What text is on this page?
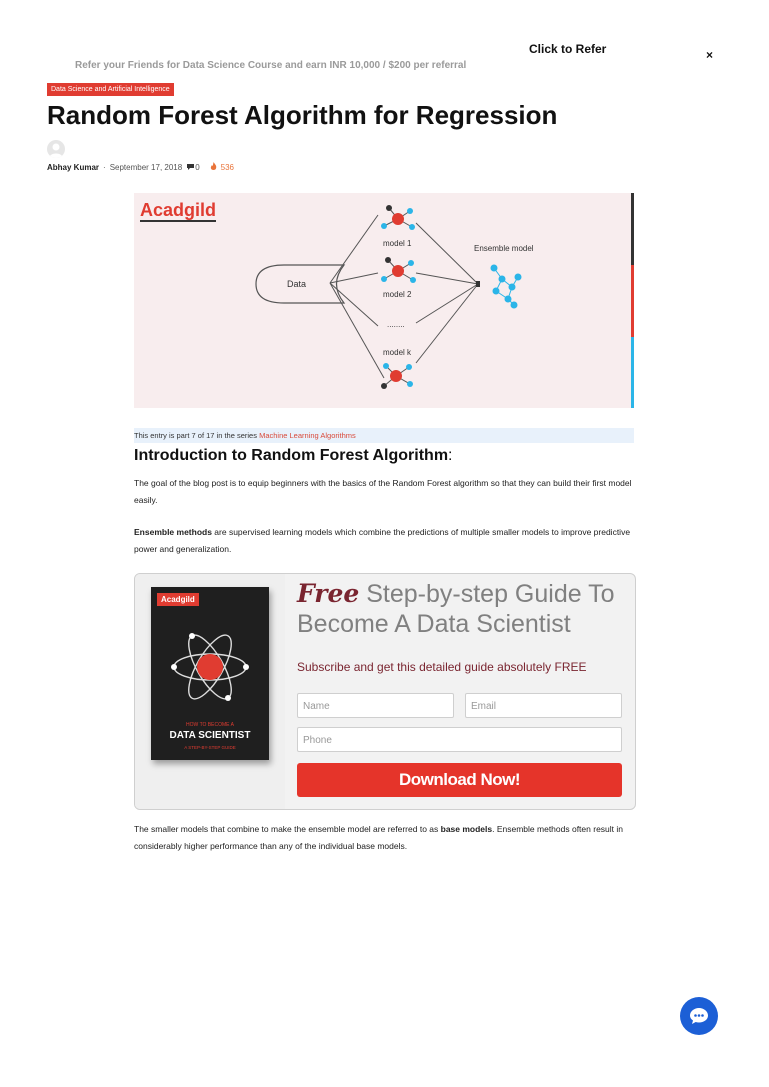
Refer your Friends for Data Science Course and earn INR 10,000 / $200 per referral
Click to Refer	×
Data Science and Artificial Intelligence
Random Forest Algorithm for Regression
Abhay Kumar · September 17, 2018 0	536
Acadgild
Data
model 1
model 2
........
model k
Ensemble model
This entry is part 7 of 17 in the series Machine Learning Algorithms
Introduction to Random Forest Algorithm:
The goal of the blog post is to equip beginners with the basics of the Random Forest algorithm so that they can build their first model easily.
Ensemble methods are supervised learning models which combine the predictions of multiple smaller models to improve predictive power and generalization.
Acadgild
HOW TO BECOME A
DATA SCIENTIST
A STEP-BY-STEP GUIDE
Free Step-by-step Guide To Become A Data Scientist
Subscribe and get this detailed guide absolutely FREE
Name	Email
Phone
Download Now!
The smaller models that combine to make the ensemble model are referred to as base models. Ensemble methods often result in considerably higher performance than any of the individual base models.
